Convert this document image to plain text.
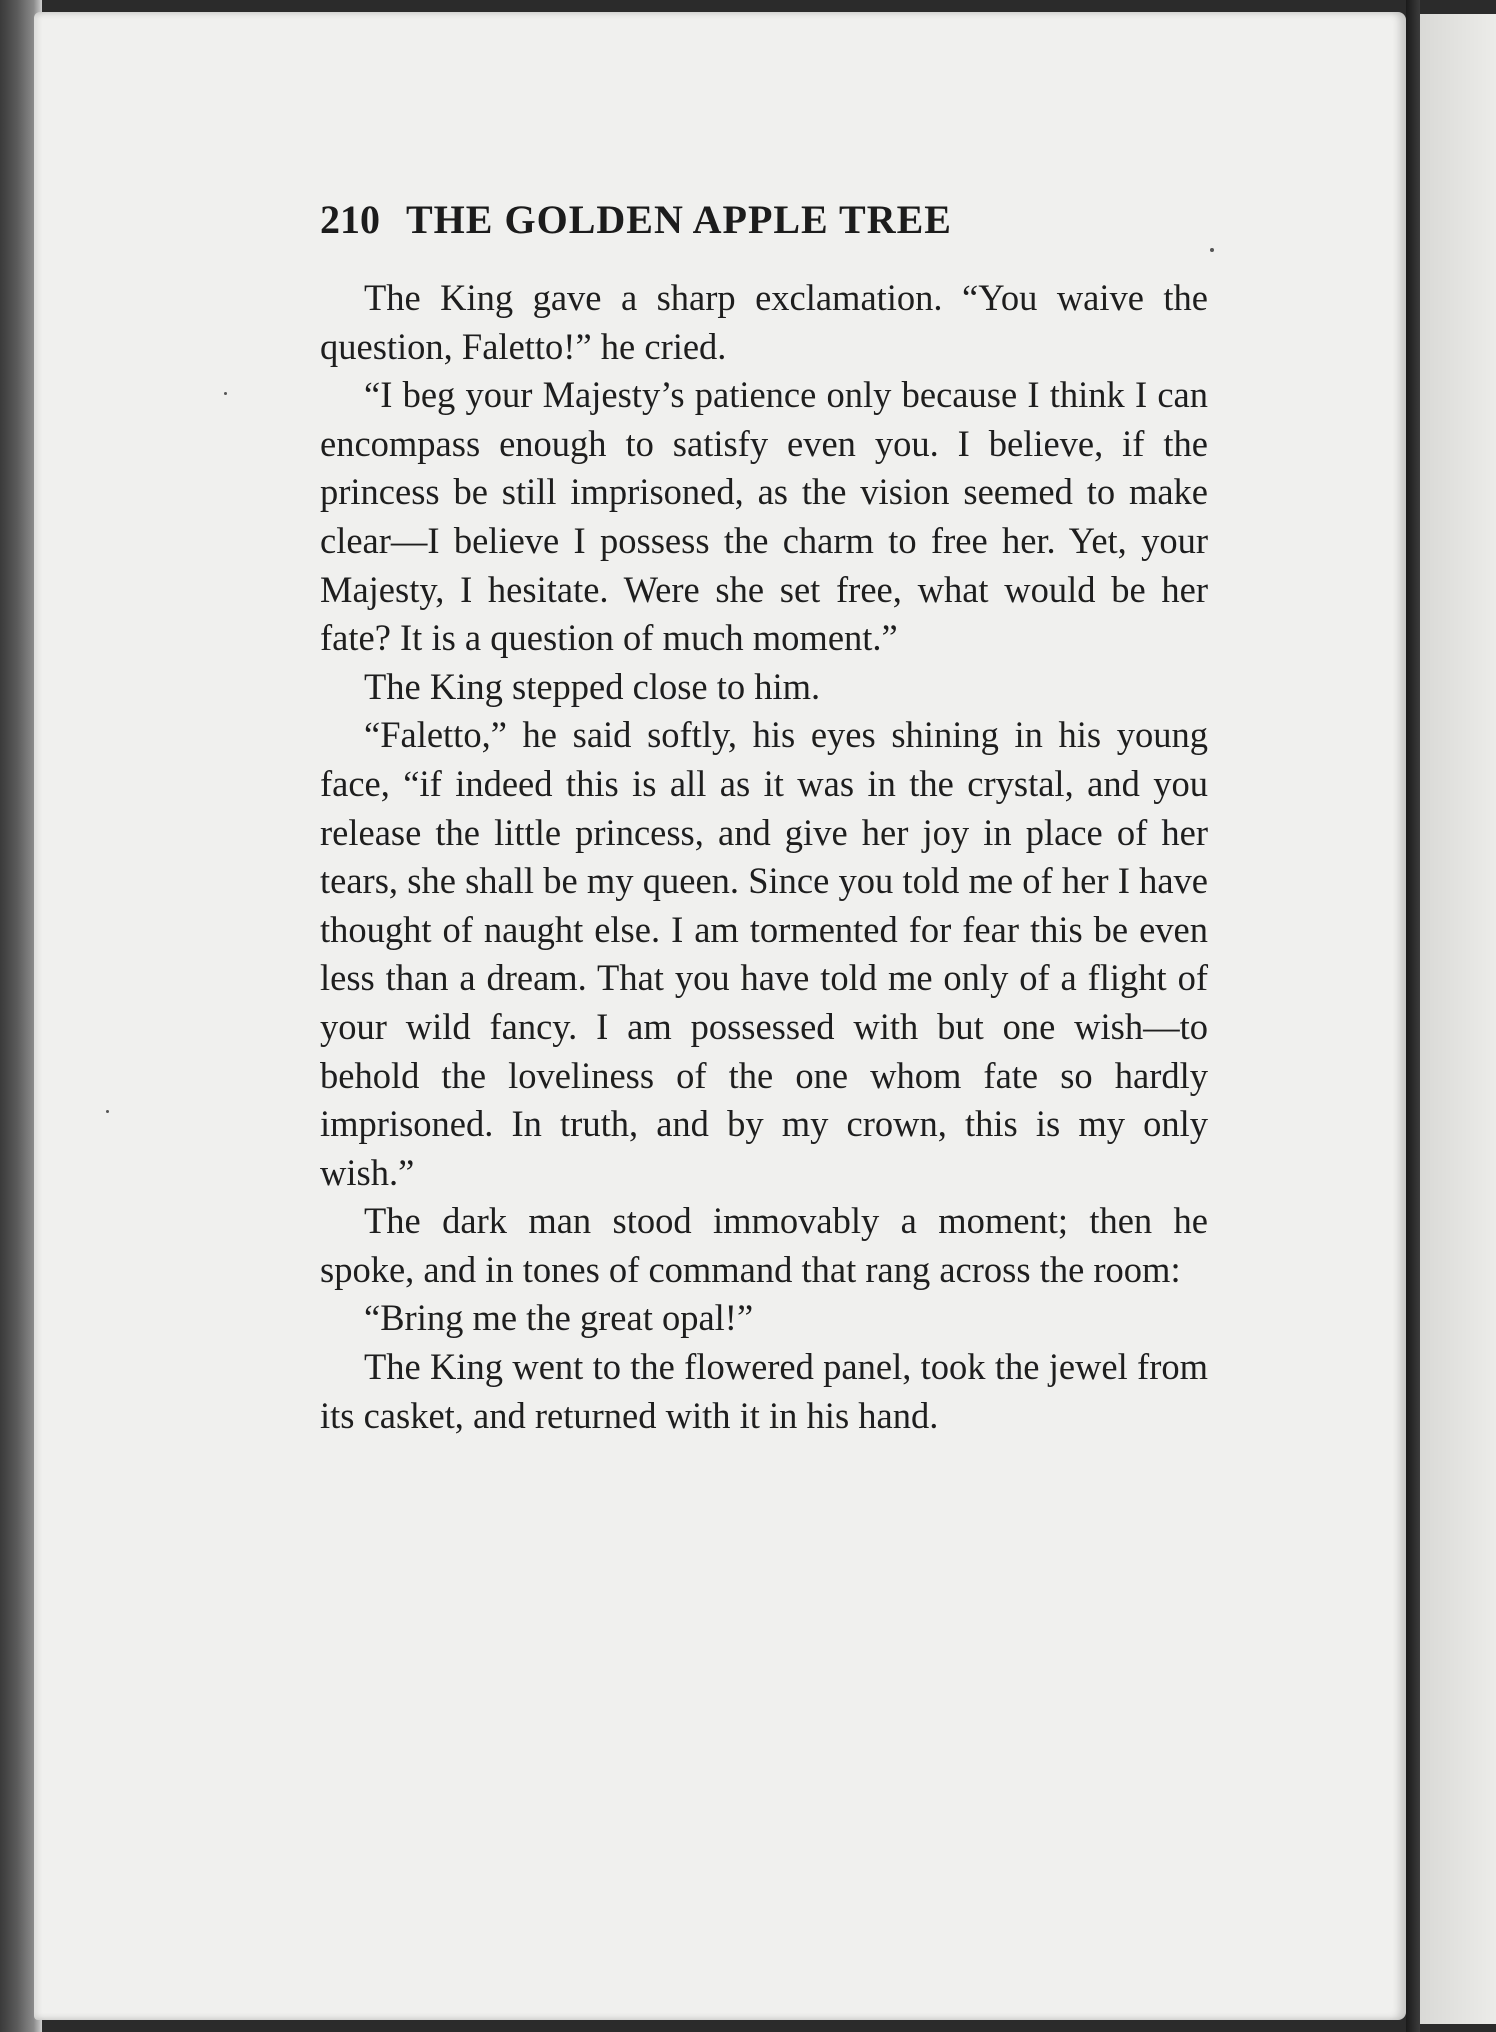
210 THE GOLDEN APPLE TREE

The King gave a sharp exclamation. “You waive the question, Faletto!” he cried.

“I beg your Majesty’s patience only because I think I can encompass enough to satisfy even you. I believe, if the princess be still imprisoned, as the vision seemed to make clear—I believe I possess the charm to free her. Yet, your Majesty, I hesitate. Were she set free, what would be her fate? It is a question of much moment.”

The King stepped close to him.

“Faletto,” he said softly, his eyes shining in his young face, “if indeed this is all as it was in the crystal, and you release the little princess, and give her joy in place of her tears, she shall be my queen. Since you told me of her I have thought of naught else. I am tormented for fear this be even less than a dream. That you have told me only of a flight of your wild fancy. I am possessed with but one wish—to behold the loveliness of the one whom fate so hardly imprisoned. In truth, and by my crown, this is my only wish.”

The dark man stood immovably a moment; then he spoke, and in tones of command that rang across the room:

“Bring me the great opal!”

The King went to the flowered panel, took the jewel from its casket, and returned with it in his hand.
